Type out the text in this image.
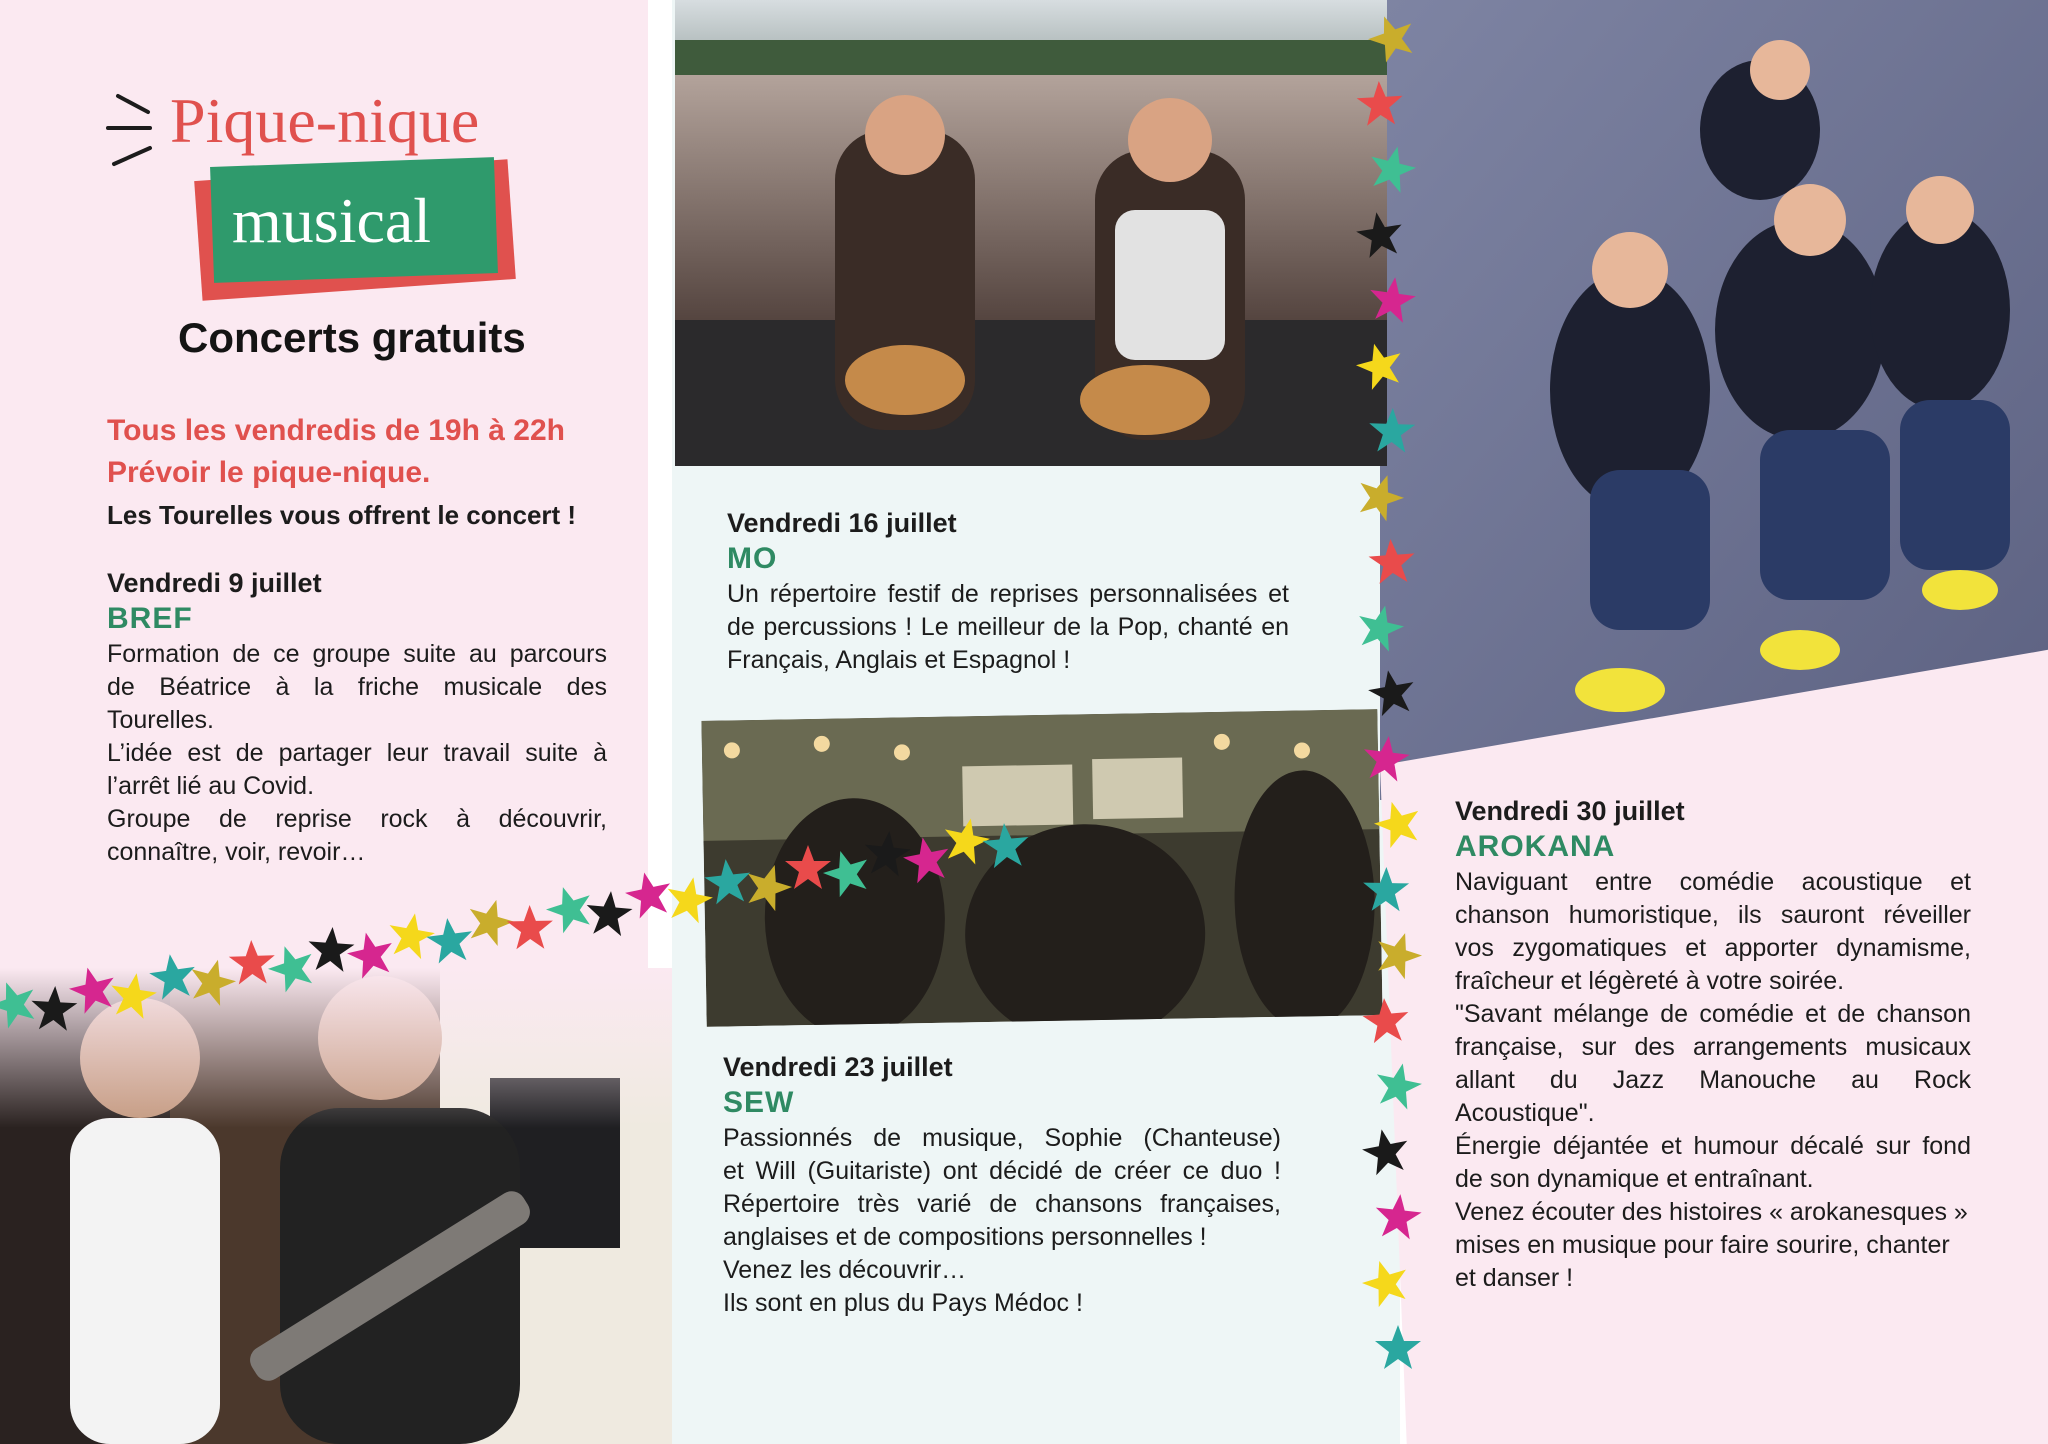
Pique-nique
musical
Concerts gratuits
Tous les vendredis de 19h à 22h
Prévoir le pique-nique.
Les Tourelles vous offrent le concert !
Vendredi 9 juillet
BREF
Formation de ce groupe suite au parcours
de Béatrice à la friche musicale des Tourelles.
L’idée est de partager leur travail suite à
l’arrêt lié au Covid.
Groupe de reprise rock à découvrir,
connaître, voir, revoir…
Vendredi 16 juillet
MO
Un répertoire festif de reprises personnalisées et
de percussions ! Le meilleur de la Pop, chanté en
Français, Anglais et Espagnol !
Vendredi 23 juillet
SEW
Passionnés de musique, Sophie (Chanteuse)
et Will (Guitariste) ont décidé de créer ce duo !
Répertoire très varié de chansons françaises,
anglaises et de compositions personnelles !
Venez les découvrir…
Ils sont en plus du Pays Médoc !
Vendredi 30 juillet
AROKANA
Naviguant entre comédie acoustique et
chanson humoristique, ils sauront réveiller
vos zygomatiques et apporter dynamisme,
fraîcheur et légèreté à votre soirée.
"Savant mélange de comédie et de chanson
française, sur des arrangements musicaux
allant du Jazz Manouche au Rock Acoustique".
Énergie déjantée et humour décalé sur fond
de son dynamique et entraînant.
Venez écouter des histoires « arokanesques »
mises en musique pour faire sourire, chanter
et danser !
